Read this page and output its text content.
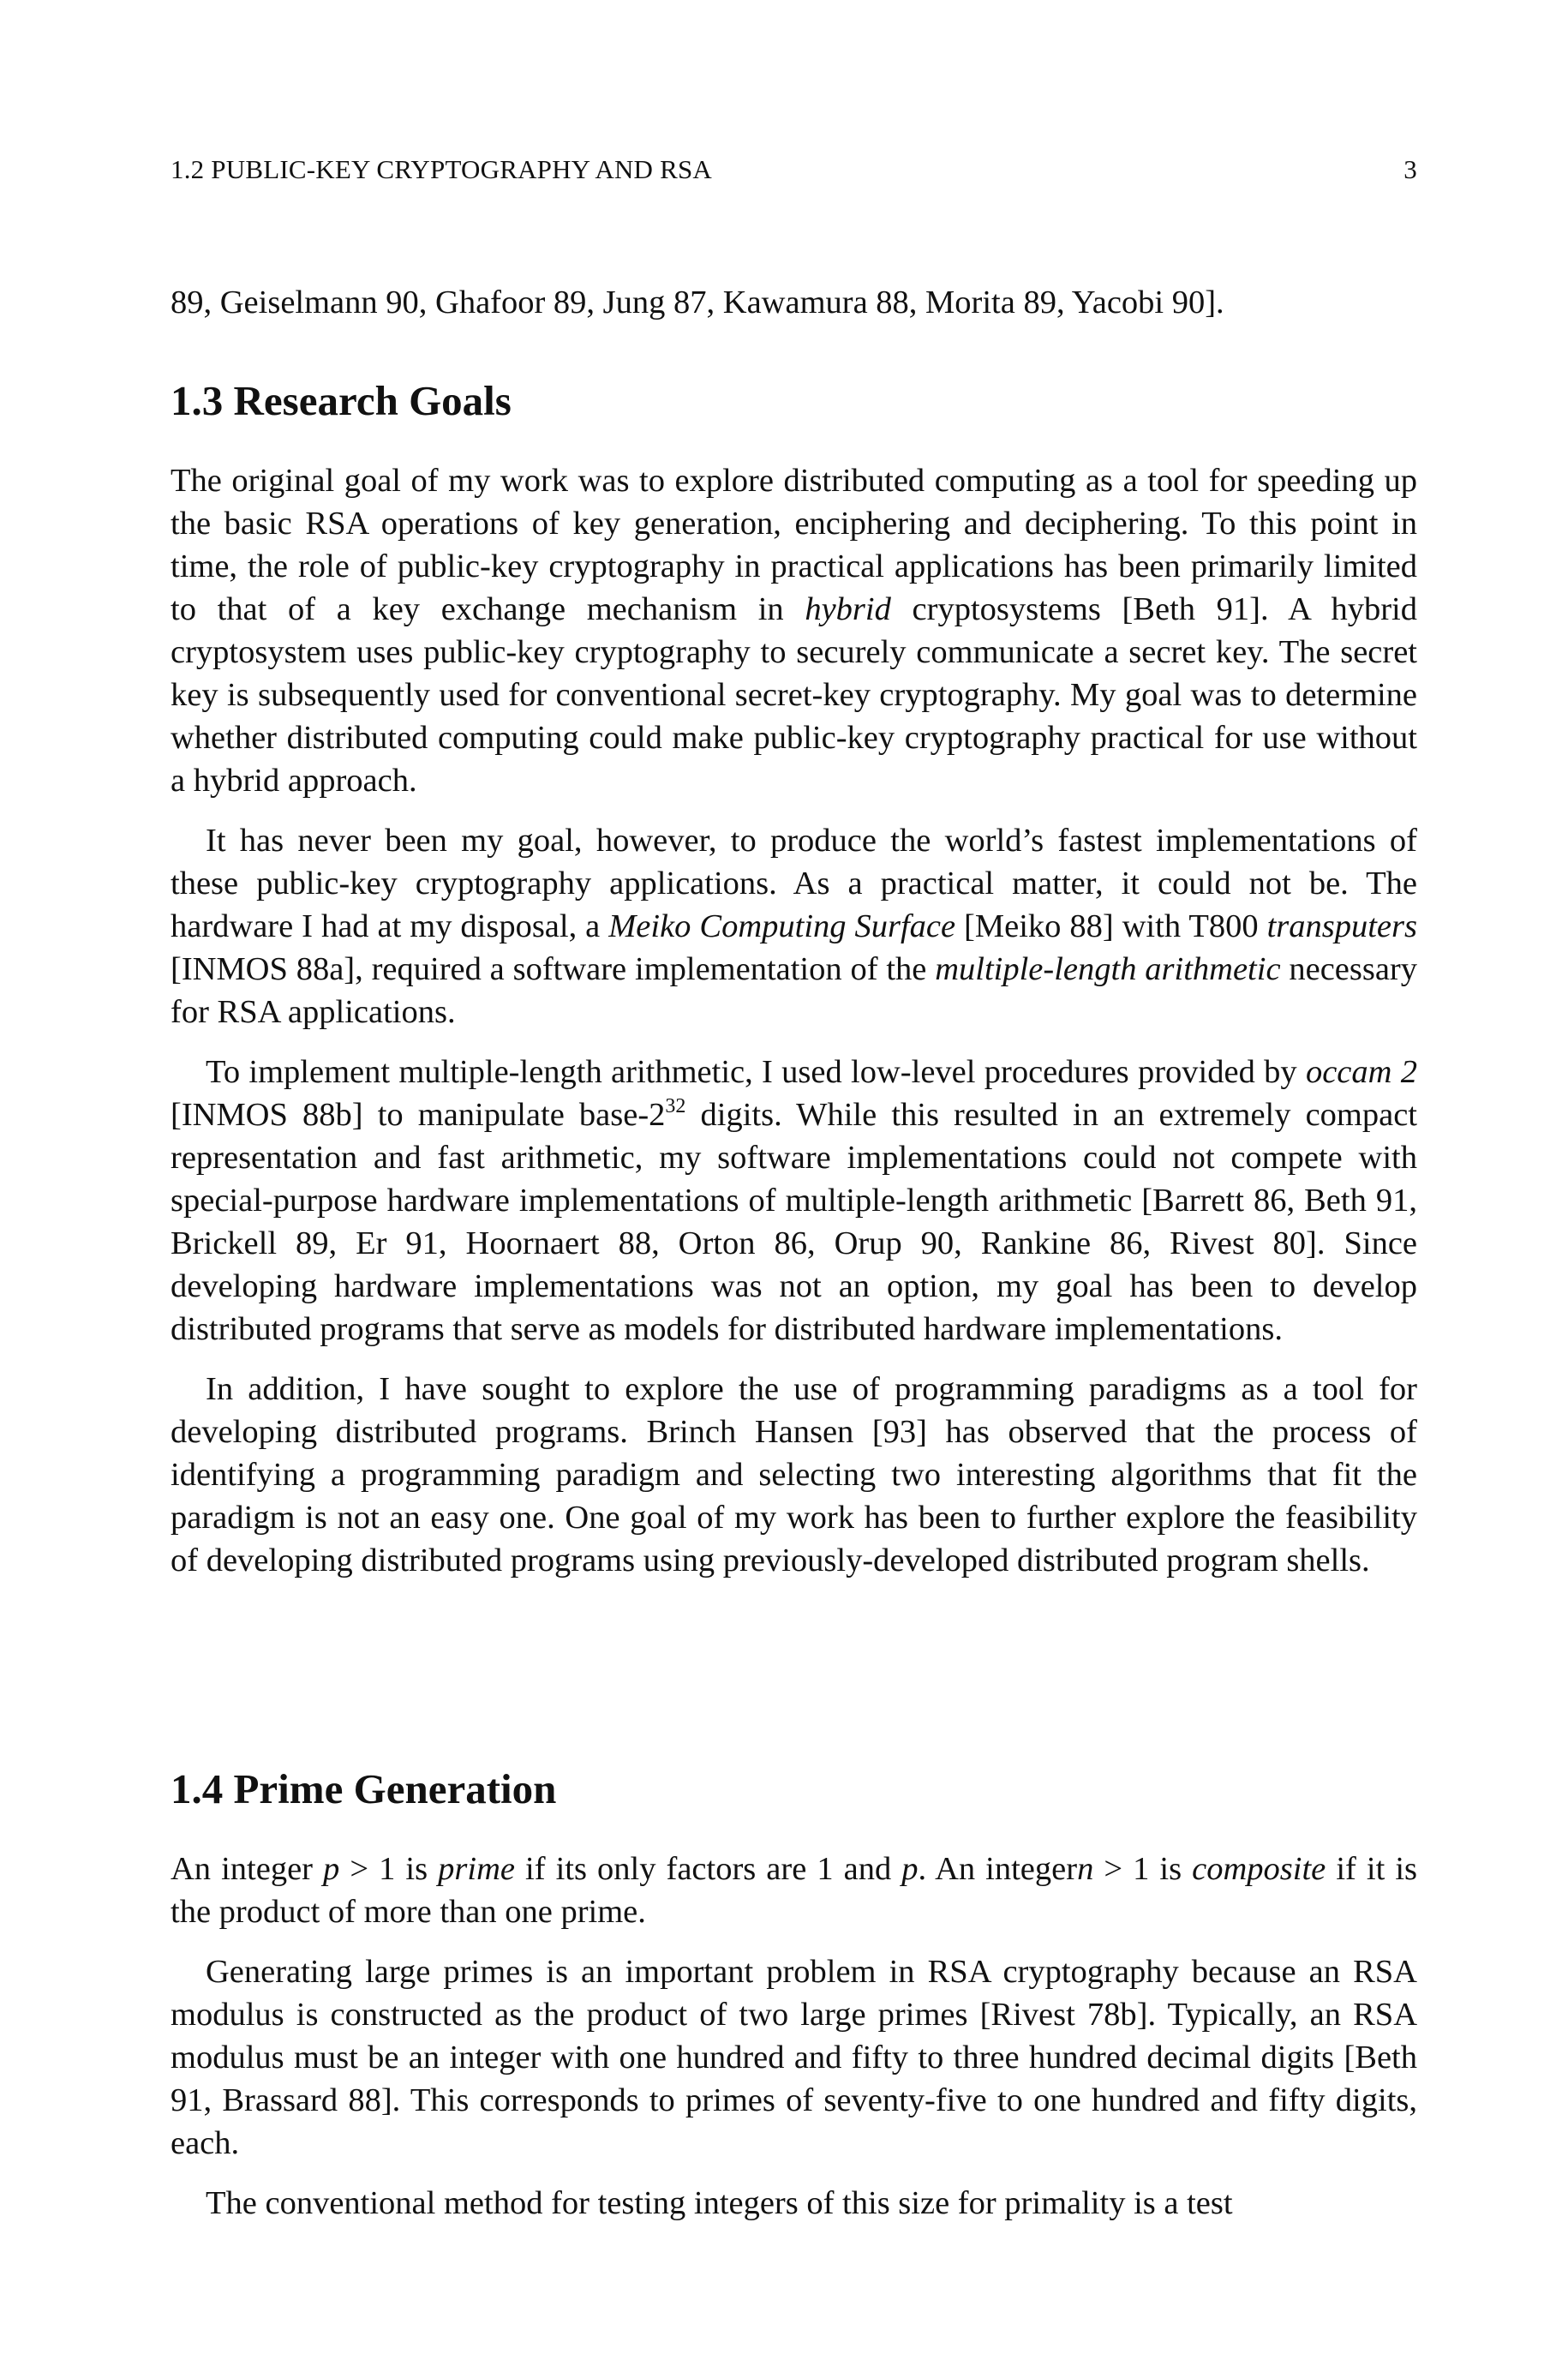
1.2 PUBLIC-KEY CRYPTOGRAPHY AND RSA	3

89, Geiselmann 90, Ghafoor 89, Jung 87, Kawamura 88, Morita 89, Yacobi 90].

1.3 Research Goals

The original goal of my work was to explore distributed computing as a tool for speeding up the basic RSA operations of key generation, enciphering and deciphering. To this point in time, the role of public-key cryptography in practical applications has been primarily limited to that of a key exchange mechanism in hybrid cryptosystems [Beth 91]. A hybrid cryptosystem uses public-key cryptography to securely communicate a secret key. The secret key is subsequently used for conventional secret-key cryptography. My goal was to determine whether distributed computing could make public-key cryptography practical for use without a hybrid approach.

It has never been my goal, however, to produce the world’s fastest implementations of these public-key cryptography applications. As a practical matter, it could not be. The hardware I had at my disposal, a Meiko Computing Surface [Meiko 88] with T800 transputers [INMOS 88a], required a software implementation of the multiple-length arithmetic necessary for RSA applications.

To implement multiple-length arithmetic, I used low-level procedures provided by occam 2 [INMOS 88b] to manipulate base-$2^{32}$ digits. While this resulted in an extremely compact representation and fast arithmetic, my software implementations could not compete with special-purpose hardware implementations of multiple-length arithmetic [Barrett 86, Beth 91, Brickell 89, Er 91, Hoornaert 88, Orton 86, Orup 90, Rankine 86, Rivest 80]. Since developing hardware implementations was not an option, my goal has been to develop distributed programs that serve as models for distributed hardware implementations.

In addition, I have sought to explore the use of programming paradigms as a tool for developing distributed programs. Brinch Hansen [93] has observed that the process of identifying a programming paradigm and selecting two interesting algorithms that fit the paradigm is not an easy one. One goal of my work has been to further explore the feasibility of developing distributed programs using previously-developed distributed program shells.

1.4 Prime Generation

An integer p > 1 is prime if its only factors are 1 and p. An integern > 1 is composite if it is the product of more than one prime.

Generating large primes is an important problem in RSA cryptography because an RSA modulus is constructed as the product of two large primes [Rivest 78b]. Typically, an RSA modulus must be an integer with one hundred and fifty to three hundred decimal digits [Beth 91, Brassard 88]. This corresponds to primes of seventy-five to one hundred and fifty digits, each.

The conventional method for testing integers of this size for primality is a test
